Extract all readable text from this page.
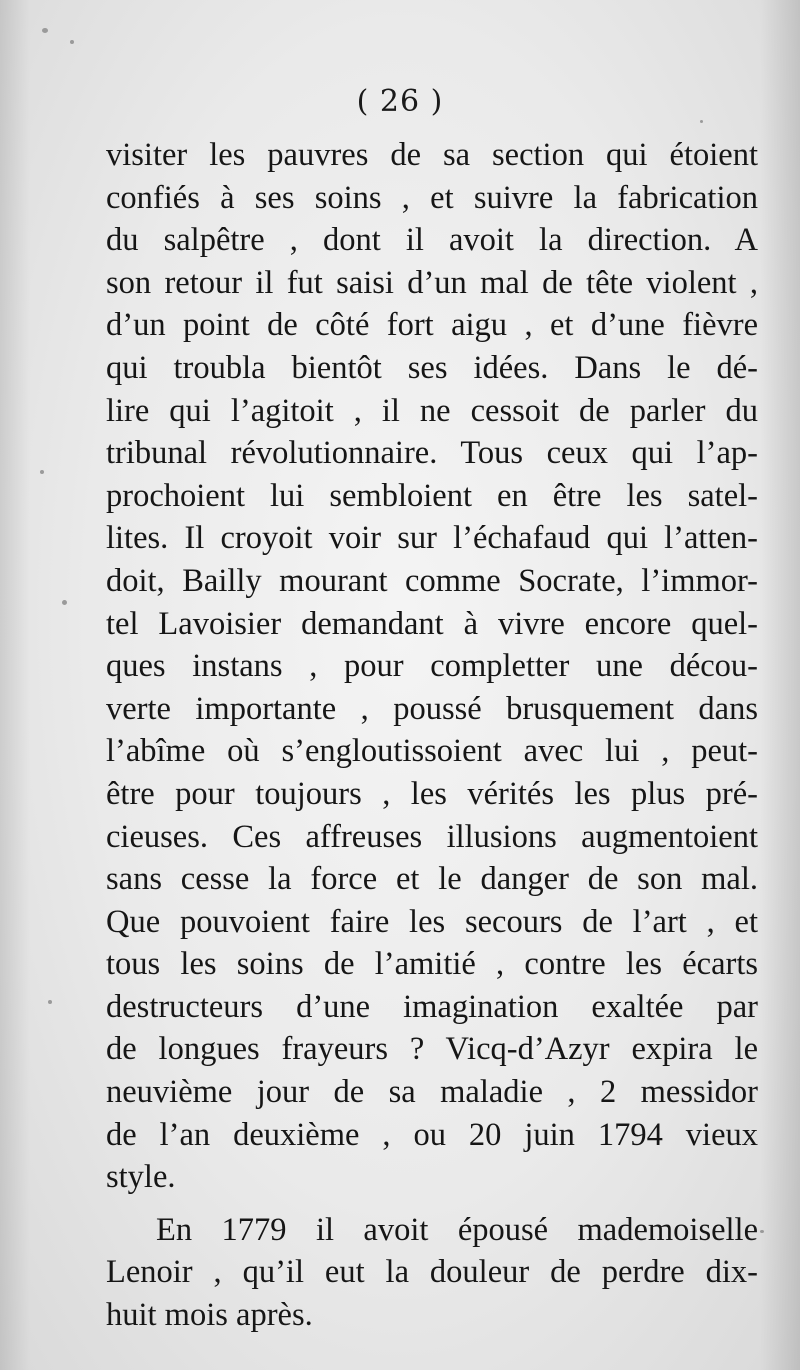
( 26 )
visiter les pauvres de sa section qui étoient
confiés à ses soins , et suivre la fabrication
du salpêtre , dont il avoit la direction. A
son retour il fut saisi d’un mal de tête violent ,
d’un point de côté fort aigu , et d’une fièvre
qui troubla bientôt ses idées. Dans le dé-
lire qui l’agitoit , il ne cessoit de parler du
tribunal révolutionnaire. Tous ceux qui l’ap-
prochoient lui sembloient en être les satel-
lites. Il croyoit voir sur l’échafaud qui l’atten-
doit, Bailly mourant comme Socrate, l’immor-
tel Lavoisier demandant à vivre encore quel-
ques instans , pour completter une décou-
verte importante , poussé brusquement dans
l’abîme où s’engloutissoient avec lui , peut-
être pour toujours , les vérités les plus pré-
cieuses. Ces affreuses illusions augmentoient
sans cesse la force et le danger de son mal.
Que pouvoient faire les secours de l’art , et
tous les soins de l’amitié , contre les écarts
destructeurs d’une imagination exaltée par
de longues frayeurs ? Vicq-d’Azyr expira le
neuvième jour de sa maladie , 2 messidor
de l’an deuxième , ou 20 juin 1794 vieux
style.
En 1779 il avoit épousé mademoiselle
Lenoir , qu’il eut la douleur de perdre dix-
huit mois après.
